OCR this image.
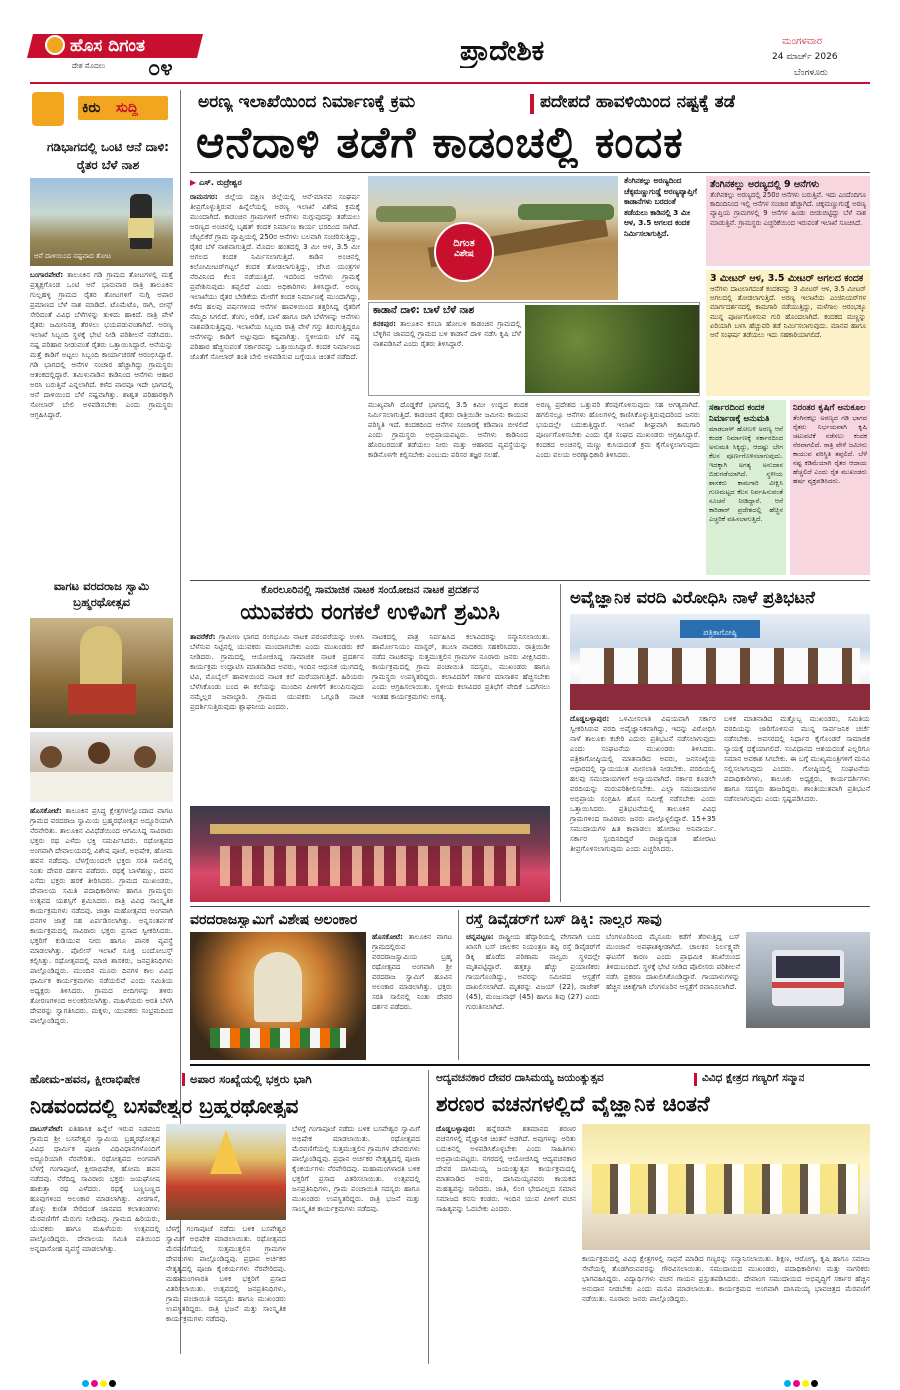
ಹೊಸ ದಿಗಂತ
ದೇಶ ಮೊದಲು ೦೪
ಪ್ರಾದೇಶಿಕ	ಮಂಗಳವಾರ
24 ಮಾರ್ಚ್ 2026
ಬೆಂಗಳೂರು
ಕಿರು ಸುದ್ದಿ
ಗಡಿಭಾಗದಲ್ಲಿ ಒಂಟಿ ಆನೆ ದಾಳಿ: ರೈತರ ಬೆಳೆ ನಾಶ
ಆನೆ ದಾಳಿಯಿಂದ ನಷ್ಟವಾದ ತೋಟ
ಬಂಗಾರಪೇಟೆ: ತಾಲೂಕಿನ ಗಡಿ ಗ್ರಾಮದ ತೋಟಗಳಲ್ಲಿ ಮತ್ತೆ ಪ್ರತ್ಯಕ್ಷಗೊಂಡ ಒಂಟಿ ಆನೆ ಭಾನುವಾರ ರಾತ್ರಿ ತಾಲೂಕಿನ ಗುಲ್ಲಹಳ್ಳಿ ಗ್ರಾಮದ ರೈತರ ತೋಟಗಳಿಗೆ ನುಗ್ಗಿ ಅಪಾರ ಪ್ರಮಾಣದ ಬೆಳೆ ನಾಶ ಮಾಡಿದೆ. ಟೊಮೆಟೊ, ರಾಗಿ, ಬೀನ್ಸ್ ಸೇರಿದಂತೆ ವಿವಿಧ ಬೆಳೆಗಳನ್ನು ತುಳಿದು ಹಾಕಿದೆ. ರಾತ್ರಿ ವೇಳೆ ರೈತರು ಜಮೀನಿನತ್ತ ತೆರಳಲು ಭಯಪಡುವಂತಾಗಿದೆ. ಅರಣ್ಯ ಇಲಾಖೆ ಸಿಬ್ಬಂದಿ ಸ್ಥಳಕ್ಕೆ ಭೇಟಿ ನೀಡಿ ಪರಿಶೀಲನೆ ನಡೆಸಿದರು. ನಷ್ಟ ಪರಿಹಾರ ನೀಡುವಂತೆ ರೈತರು ಒತ್ತಾಯಿಸಿದ್ದಾರೆ. ಆನೆಯನ್ನು ಮತ್ತೆ ಕಾಡಿಗೆ ಅಟ್ಟಲು ಸಿಬ್ಬಂದಿ ಕಾರ್ಯಾಚರಣೆ ಆರಂಭಿಸಿದ್ದಾರೆ. ಗಡಿ ಭಾಗದಲ್ಲಿ ಆನೆಗಳ ಸಂಚಾರ ಹೆಚ್ಚಾಗಿದ್ದು ಗ್ರಾಮಸ್ಥರು ಆತಂಕದಲ್ಲಿದ್ದಾರೆ. ತಮಿಳುನಾಡಿನ ಕಾಡಿನಿಂದ ಆನೆಗಳು ಆಹಾರ ಅರಸಿ ಬರುತ್ತಿವೆ ಎನ್ನಲಾಗಿದೆ. ಕಳೆದ ವಾರವೂ ಇದೇ ಭಾಗದಲ್ಲಿ ಆನೆ ದಾಳಿಯಿಂದ ಬೆಳೆ ನಷ್ಟವಾಗಿತ್ತು. ಶಾಶ್ವತ ಪರಿಹಾರಕ್ಕಾಗಿ ಸೋಲಾರ್ ಬೇಲಿ ಅಳವಡಿಸಬೇಕು ಎಂದು ಗ್ರಾಮಸ್ಥರು ಆಗ್ರಹಿಸಿದ್ದಾರೆ.
ವಾಗಟ ವರದರಾಜ ಸ್ವಾಮಿ ಬ್ರಹ್ಮರಥೋತ್ಸವ
ಹೊಸಕೋಟೆ: ತಾಲೂಕಿನ ಪ್ರಸಿದ್ಧ ಕ್ಷೇತ್ರಗಳಲ್ಲೊಂದಾದ ವಾಗಟ ಗ್ರಾಮದ ವರದರಾಜ ಸ್ವಾಮಿಯ ಬ್ರಹ್ಮರಥೋತ್ಸವ ಅದ್ದೂರಿಯಾಗಿ ನೆರವೇರಿತು. ತಾಲೂಕಿನ ವಿವಿಧೆಡೆಯಿಂದ ಆಗಮಿಸಿದ್ದ ಸಾವಿರಾರು ಭಕ್ತರು ರಥ ಎಳೆದು ಭಕ್ತಿ ಸಮರ್ಪಿಸಿದರು. ರಥೋತ್ಸವದ ಅಂಗವಾಗಿ ದೇವಾಲಯದಲ್ಲಿ ವಿಶೇಷ ಪೂಜೆ, ಅಭಿಷೇಕ, ಹೋಮ ಹವನ ನಡೆದವು. ಬೆಳಗ್ಗೆಯಿಂದಲೇ ಭಕ್ತರು ಸರತಿ ಸಾಲಿನಲ್ಲಿ ನಿಂತು ದೇವರ ದರ್ಶನ ಪಡೆದರು. ರಥಕ್ಕೆ ಬಾಳೆಹಣ್ಣು, ದವನ ಎಸೆದು ಭಕ್ತರು ಹರಕೆ ತೀರಿಸಿದರು. ಗ್ರಾಮದ ಮುಖಂಡರು, ದೇವಾಲಯ ಸಮಿತಿ ಪದಾಧಿಕಾರಿಗಳು ಹಾಗೂ ಗ್ರಾಮಸ್ಥರು ಉತ್ಸವದ ಯಶಸ್ಸಿಗೆ ಶ್ರಮಿಸಿದರು. ರಾತ್ರಿ ವಿವಿಧ ಸಾಂಸ್ಕೃತಿಕ ಕಾರ್ಯಕ್ರಮಗಳು ನಡೆದವು. ಜಾತ್ರಾ ಮಹೋತ್ಸವದ ಅಂಗವಾಗಿ ದನಗಳ ಜಾತ್ರೆ ಸಹ ಏರ್ಪಡಿಸಲಾಗಿತ್ತು. ಅನ್ನಸಂತರ್ಪಣೆ ಕಾರ್ಯಕ್ರಮದಲ್ಲಿ ಸಾವಿರಾರು ಭಕ್ತರು ಪ್ರಸಾದ ಸ್ವೀಕರಿಸಿದರು. ಭಕ್ತರಿಗೆ ಕುಡಿಯುವ ನೀರು ಹಾಗೂ ಪಾನಕ ವ್ಯವಸ್ಥೆ ಮಾಡಲಾಗಿತ್ತು. ಪೊಲೀಸ್ ಇಲಾಖೆ ಸೂಕ್ತ ಬಂದೋಬಸ್ತ್ ಕಲ್ಪಿಸಿತ್ತು. ರಥೋತ್ಸವದಲ್ಲಿ ಮಾಜಿ ಶಾಸಕರು, ಜನಪ್ರತಿನಿಧಿಗಳು ಪಾಲ್ಗೊಂಡಿದ್ದರು. ಮುಂದಿನ ಮೂರು ದಿನಗಳ ಕಾಲ ವಿವಿಧ ಧಾರ್ಮಿಕ ಕಾರ್ಯಕ್ರಮಗಳು ನಡೆಯಲಿವೆ ಎಂದು ಸಮಿತಿಯ ಅಧ್ಯಕ್ಷರು ತಿಳಿಸಿದರು. ಗ್ರಾಮದ ಬೀದಿಗಳನ್ನು ತಳಿರು ತೋರಣಗಳಿಂದ ಅಲಂಕರಿಸಲಾಗಿತ್ತು. ಮಹಿಳೆಯರು ಆರತಿ ಬೆಳಗಿ ದೇವರನ್ನು ಸ್ವಾಗತಿಸಿದರು. ಮಕ್ಕಳು, ಯುವಕರು ಸಂಭ್ರಮದಿಂದ ಪಾಲ್ಗೊಂಡಿದ್ದರು.
ಅರಣ್ಯ ಇಲಾಖೆಯಿಂದ ನಿರ್ಮಾಣಕ್ಕೆ ಕ್ರಮ	ಪದೇಪದೆ ಹಾವಳಿಯಿಂದ ನಷ್ಟಕ್ಕೆ ತಡೆ
ಆನೆದಾಳಿ ತಡೆಗೆ ಕಾಡಂಚಲ್ಲಿ ಕಂದಕ
▶ ಎಸ್. ರುದ್ರೇಶ್ವರ
ರಾಮನಗರ: ಜಿಲ್ಲೆಯ ದಕ್ಷಿಣ ಜಿಲ್ಲೆಯಲ್ಲಿ ಆನೆ-ಮಾನವ ಸಂಘರ್ಷ ತೀವ್ರಗೊಳ್ಳುತ್ತಿರುವ ಹಿನ್ನೆಲೆಯಲ್ಲಿ ಅರಣ್ಯ ಇಲಾಖೆ ವಿಶೇಷ ಕ್ರಮಕ್ಕೆ ಮುಂದಾಗಿದೆ. ಕಾಡಂಚಿನ ಗ್ರಾಮಗಳಿಗೆ ಆನೆಗಳು ನುಗ್ಗುವುದನ್ನು ತಡೆಯಲು ಅರಣ್ಯದ ಅಂಚಿನಲ್ಲಿ ಬೃಹತ್ ಕಂದಕ ನಿರ್ಮಾಣ ಕಾರ್ಯ ಭರದಿಂದ ಸಾಗಿದೆ. ಚೆಟ್ಟಲಿಕೆರೆ ಗ್ರಾಮ ವ್ಯಾಪ್ತಿಯಲ್ಲಿ 250ರ ಆನೆಗಳು ಬಲವಾಗಿ ಸಂಚರಿಸುತ್ತಿದ್ದು, ರೈತರ ಬೆಳೆ ನಾಶವಾಗುತ್ತಿದೆ. ಮೊದಲ ಹಂತದಲ್ಲಿ 3 ಮೀ ಆಳ, 3.5 ಮೀ ಅಗಲದ ಕಂದಕ ನಿರ್ಮಿಸಲಾಗುತ್ತಿದೆ. ಕಾಡಿನ ಅಂಚಿನಲ್ಲಿ ಕಿಲೋಮೀಟರ್‌ಗಟ್ಟಲೆ ಕಂದಕ ತೋಡಲಾಗುತ್ತಿದ್ದು, ಜೆಸಿಬಿ ಯಂತ್ರಗಳ ನೆರವಿನಿಂದ ಕೆಲಸ ನಡೆಯುತ್ತಿದೆ. ಇದರಿಂದ ಆನೆಗಳು ಗ್ರಾಮಕ್ಕೆ ಪ್ರವೇಶಿಸುವುದು ತಪ್ಪಲಿದೆ ಎಂದು ಅಧಿಕಾರಿಗಳು ತಿಳಿಸಿದ್ದಾರೆ. ಅರಣ್ಯ ಇಲಾಖೆಯು ರೈತರ ಬೇಡಿಕೆಯ ಮೇರೆಗೆ ಕಂದಕ ನಿರ್ಮಾಣಕ್ಕೆ ಮುಂದಾಗಿದ್ದು, ಕಳೆದ ಹಲವು ವರ್ಷಗಳಿಂದ ಆನೆಗಳ ಹಾವಳಿಯಿಂದ ತತ್ತರಿಸಿದ್ದ ರೈತರಿಗೆ ನೆಮ್ಮದಿ ಸಿಗಲಿದೆ. ತೆಂಗು, ಅಡಿಕೆ, ಬಾಳೆ ಹಾಗೂ ರಾಗಿ ಬೆಳೆಗಳನ್ನು ಆನೆಗಳು ನಾಶಪಡಿಸುತ್ತಿದ್ದವು. ಇಲಾಖೆಯ ಸಿಬ್ಬಂದಿ ರಾತ್ರಿ ವೇಳೆ ಗಸ್ತು ತಿರುಗುತ್ತಿದ್ದರೂ ಆನೆಗಳನ್ನು ಕಾಡಿಗೆ ಅಟ್ಟುವುದು ಕಷ್ಟವಾಗಿತ್ತು. ಸ್ಥಳೀಯರು ಬೆಳೆ ನಷ್ಟ ಪರಿಹಾರ ಹೆಚ್ಚಿಸುವಂತೆ ಸರ್ಕಾರವನ್ನು ಒತ್ತಾಯಿಸಿದ್ದಾರೆ. ಕಂದಕ ನಿರ್ಮಾಣದ ಜೊತೆಗೆ ಸೋಲಾರ್ ತಂತಿ ಬೇಲಿ ಅಳವಡಿಸುವ ಬಗ್ಗೆಯೂ ಚಿಂತನೆ ನಡೆದಿದೆ.
ದಿಗಂತ
ವಿಶೇಷ
ತೆಂಗಿನಕಲ್ಲು ಅರಣ್ಯದಿಂದ ಚೆಕ್ಕಮಣ್ಣುಗುಡ್ಡೆ ಅರಣ್ಯವ್ಯಾಪ್ತಿಗೆ ಕಾಡಾನೆಗಳು ಬರದಂತೆ ತಡೆಯಲು ಕಾಡಿನಲ್ಲಿ 3 ಮೀ ಆಳ, 3.5 ಅಗಲದ ಕಂದಕ ನಿರ್ಮಿಸಲಾಗುತ್ತಿದೆ.
ಕಾಡಾನೆ ದಾಳಿ: ಬಾಳೆ ಬೆಳೆ ನಾಶ
ಕನಕಪುರ: ತಾಲೂಕಿನ ಕಸಬಾ ಹೋಬಳಿ ಕಾಡಂಚಿನ ಗ್ರಾಮದಲ್ಲಿ ಬೆಳ್ಳಿಗಿನ ಜಾವದಲ್ಲಿ ಗ್ರಾಮದ ಬಳಿ ಕಾಡಾನೆ ದಾಳಿ ನಡೆಸಿ ಕೃಷಿ ಬೆಳೆ ನಾಶಪಡಿಸಿವೆ ಎಂದು ರೈತರು ತಿಳಿಸಿದ್ದಾರೆ.
ಮುಖ್ಯವಾಗಿ ದೊಡ್ಡಕೆರೆ ಭಾಗದಲ್ಲಿ 3.5 ಕಿಮೀ ಉದ್ದದ ಕಂದಕ ನಿರ್ಮಿಸಲಾಗುತ್ತಿದೆ. ಕಾಡಂಚಿನ ರೈತರು ರಾತ್ರಿಯಿಡೀ ಜಮೀನು ಕಾಯುವ ಪರಿಸ್ಥಿತಿ ಇದೆ. ಕಂದಕದಿಂದ ಆನೆಗಳ ಸಂಚಾರಕ್ಕೆ ಕಡಿವಾಣ ಬೀಳಲಿದೆ ಎಂದು ಗ್ರಾಮಸ್ಥರು ಅಭಿಪ್ರಾಯಪಟ್ಟರು. ಆನೆಗಳು ಕಾಡಿನಿಂದ ಹೊರಬರದಂತೆ ತಡೆಯಲು ನೀರು ಮತ್ತು ಆಹಾರದ ವ್ಯವಸ್ಥೆಯನ್ನು ಕಾಡಿನೊಳಗೇ ಕಲ್ಪಿಸಬೇಕು ಎಂಬುದು ಪರಿಸರ ತಜ್ಞರ ಸಲಹೆ.
ಅರಣ್ಯ ಪ್ರದೇಶದ ಒತ್ತುವರಿ ತೆರವುಗೊಳಿಸುವುದು ಸಹ ಅಗತ್ಯವಾಗಿದೆ. ಹಗಲಿನಲ್ಲೂ ಆನೆಗಳು ಹೊಲಗಳಲ್ಲಿ ಕಾಣಿಸಿಕೊಳ್ಳುತ್ತಿರುವುದರಿಂದ ಜನರು ಭಯದಲ್ಲೇ ಬದುಕುತ್ತಿದ್ದಾರೆ. ಇಲಾಖೆ ಶೀಘ್ರವಾಗಿ ಕಾಮಗಾರಿ ಪೂರ್ಣಗೊಳಿಸಬೇಕು ಎಂದು ರೈತ ಸಂಘದ ಮುಖಂಡರು ಆಗ್ರಹಿಸಿದ್ದಾರೆ. ಕಂದಕದ ಅಂಚಿನಲ್ಲಿ ಮಣ್ಣು ಕುಸಿಯದಂತೆ ಕ್ರಮ ಕೈಗೊಳ್ಳಲಾಗುವುದು ಎಂದು ವಲಯ ಅರಣ್ಯಾಧಿಕಾರಿ ತಿಳಿಸಿದರು.
ತೆಂಗಿನಕಲ್ಲು ಅರಣ್ಯದಲ್ಲಿ 9 ಆನೆಗಳು
ತೆಂಗಿನಕಲ್ಲು ಅರಣ್ಯದಲ್ಲಿ 250ರ ಆನೆಗಳು ಬರುತ್ತಿವೆ. ಇದು ಎಂದೆಂದಿಗೂ ಕಾದಿಂದಿನಿಂದ ಇಲ್ಲಿ ಆನೆಗಳ ಸಂಚಾರ ಹೆಚ್ಚಾಗಿದೆ. ಚಿಕ್ಕಮಣ್ಣುಗುಡ್ಡೆ ಅರಣ್ಯ ವ್ಯಾಪ್ತಿಯ ಗ್ರಾಮಗಳಲ್ಲಿ 9 ಆನೆಗಳ ಹಿಂಡು ಬೀಡುಬಿಟ್ಟಿದ್ದು ಬೆಳೆ ನಾಶ ಮಾಡುತ್ತಿವೆ. ಗ್ರಾಮಸ್ಥರು ಎಚ್ಚರಿಕೆಯಿಂದ ಇರುವಂತೆ ಇಲಾಖೆ ಸೂಚಿಸಿದೆ.
3 ಮೀಟರ್ ಆಳ, 3.5 ಮೀಟರ್ ಅಗಲದ ಕಂದಕ
ಆನೆಗಳು ದಾಟಲಾಗದಂತೆ ಕಂದಕವನ್ನು 3 ಮೀಟರ್ ಆಳ, 3.5 ಮೀಟರ್ ಅಗಲದಲ್ಲಿ ತೋಡಲಾಗುತ್ತಿದೆ. ಅರಣ್ಯ ಇಲಾಖೆಯ ಎಂಜಿನಿಯರ್‌ಗಳ ಮಾರ್ಗದರ್ಶನದಲ್ಲಿ ಕಾಮಗಾರಿ ನಡೆಯುತ್ತಿದ್ದು, ಮಳೆಗಾಲ ಆರಂಭಕ್ಕೂ ಮುನ್ನ ಪೂರ್ಣಗೊಳಿಸುವ ಗುರಿ ಹೊಂದಲಾಗಿದೆ. ಕಂದಕದ ಮಣ್ಣನ್ನು ಏರಿಯಾಗಿ ಬಳಸಿ ಹೆಚ್ಚುವರಿ ತಡೆ ನಿರ್ಮಿಸಲಾಗುವುದು. ಮಾನವ ಹಾಗೂ ಆನೆ ಸಂಘರ್ಷ ತಡೆಯಲು ಇದು ಸಹಕಾರಿಯಾಗಲಿದೆ.
ಸರ್ಕಾರದಿಂದ ಕಂದಕ ನಿರ್ಮಾಣಕ್ಕೆ ಅನುಮತಿ
ಮಾಡಬಾಳ್ ಹೋಬಳಿ ಅರಣ್ಯ ಆನೆ ಕಂದಕ ನಿರ್ಮಾಣಕ್ಕೆ ಸರ್ಕಾರದಿಂದ ಅನುಮತಿ ಸಿಕ್ಕಿದ್ದು, ಆದಷ್ಟು ಬೇಗ ಕೆಲಸ ಪೂರ್ಣಗೊಳಿಸಲಾಗುವುದು. ಇದಕ್ಕಾಗಿ ಅಗತ್ಯ ಅನುದಾನ ಬಿಡುಗಡೆಯಾಗಿದೆ. ಸ್ಥಳೀಯ ಶಾಸಕರು ಕಾಮಗಾರಿ ವೀಕ್ಷಿಸಿ ಗುಣಮಟ್ಟದ ಕೆಲಸ ನಿರ್ವಹಿಸುವಂತೆ ಸೂಚನೆ ನೀಡಿದ್ದಾರೆ. ಆನೆ ಕಾರಿಡಾರ್ ಪ್ರದೇಶದಲ್ಲಿ ಹೆಚ್ಚಿನ ಎಚ್ಚರಿಕೆ ವಹಿಸಲಾಗುತ್ತಿದೆ.
ನಿರಂತರ ಕೃಷಿಗೆ ಅನುಕೂಲ
ತೆಂಗಿನಕಲ್ಲು ಅರಣ್ಯದ ಗಡಿ ಭಾಗದ ರೈತರು ನಿರ್ಭಯವಾಗಿ ಕೃಷಿ ಚಟುವಟಿಕೆ ನಡೆಸಲು ಕಂದಕ ನೆರವಾಗಲಿದೆ. ರಾತ್ರಿ ವೇಳೆ ಜಮೀನು ಕಾಯುವ ಪರಿಸ್ಥಿತಿ ತಪ್ಪಲಿದೆ. ಬೆಳೆ ನಷ್ಟ ಕಡಿಮೆಯಾಗಿ ರೈತರ ಆದಾಯ ಹೆಚ್ಚಲಿದೆ ಎಂದು ರೈತ ಮುಖಂಡರು ಹರ್ಷ ವ್ಯಕ್ತಪಡಿಸಿದರು.
ಕೊರಲೂರಿನಲ್ಲಿ ಸಾಮಾಜಿಕ ನಾಟಕ ಸಂಯೋಜನ ನಾಟಕ ಪ್ರದರ್ಶನ
ಯುವಕರು ರಂಗಕಲೆ ಉಳಿವಿಗೆ ಶ್ರಮಿಸಿ
ತಾವರೆಕೆರೆ: ಗ್ರಾಮೀಣ ಭಾಗದ ರಂಗಭೂಮಿ ನಾಟಕ ಪರಂಪರೆಯನ್ನು ಉಳಿಸಿ ಬೆಳೆಸುವ ನಿಟ್ಟಿನಲ್ಲಿ ಯುವಕರು ಮುಂದಾಗಬೇಕು ಎಂದು ಮುಖಂಡರು ಕರೆ ನೀಡಿದರು. ಗ್ರಾಮದಲ್ಲಿ ಆಯೋಜಿಸಿದ್ದ ಸಾಮಾಜಿಕ ನಾಟಕ ಪ್ರದರ್ಶನ ಕಾರ್ಯಕ್ರಮ ಉದ್ಘಾಟಿಸಿ ಮಾತನಾಡಿದ ಅವರು, ಇಂದಿನ ಆಧುನಿಕ ಯುಗದಲ್ಲಿ ಟಿವಿ, ಮೊಬೈಲ್ ಹಾವಳಿಯಿಂದ ನಾಟಕ ಕಲೆ ಮರೆಯಾಗುತ್ತಿದೆ. ಹಿರಿಯರು ಬೆಳೆಸಿಕೊಂಡು ಬಂದ ಈ ಕಲೆಯನ್ನು ಮುಂದಿನ ಪೀಳಿಗೆಗೆ ತಲುಪಿಸುವುದು ನಮ್ಮೆಲ್ಲರ ಜವಾಬ್ದಾರಿ. ಗ್ರಾಮದ ಯುವಕರು ಒಗ್ಗೂಡಿ ನಾಟಕ ಪ್ರದರ್ಶಿಸುತ್ತಿರುವುದು ಶ್ಲಾಘನೀಯ ಎಂದರು.
ನಾಟಕದಲ್ಲಿ ಪಾತ್ರ ನಿರ್ವಹಿಸಿದ ಕಲಾವಿದರನ್ನು ಸನ್ಮಾನಿಸಲಾಯಿತು. ಹಾರ್ಮೋನಿಯಂ ಮಾಸ್ಟರ್, ತಬಲಾ ವಾದಕರು ಸಹಕರಿಸಿದರು. ರಾತ್ರಿಯಿಡೀ ನಡೆದ ನಾಟಕವನ್ನು ಸುತ್ತಮುತ್ತಲಿನ ಗ್ರಾಮಗಳ ನೂರಾರು ಜನರು ವೀಕ್ಷಿಸಿದರು. ಕಾರ್ಯಕ್ರಮದಲ್ಲಿ ಗ್ರಾಮ ಪಂಚಾಯಿತಿ ಸದಸ್ಯರು, ಮುಖಂಡರು ಹಾಗೂ ಗ್ರಾಮಸ್ಥರು ಉಪಸ್ಥಿತರಿದ್ದರು. ಕಲಾವಿದರಿಗೆ ಸರ್ಕಾರ ಮಾಸಾಶನ ಹೆಚ್ಚಿಸಬೇಕು ಎಂದು ಆಗ್ರಹಿಸಲಾಯಿತು. ಸ್ಥಳೀಯ ಕಲಾವಿದರ ಪ್ರತಿಭೆಗೆ ವೇದಿಕೆ ಒದಗಿಸಲು ಇಂತಹ ಕಾರ್ಯಕ್ರಮಗಳು ಅಗತ್ಯ.
ಅವೈಜ್ಞಾನಿಕ ವರದಿ ವಿರೋಧಿಸಿ ನಾಳೆ ಪ್ರತಿಭಟನೆ
ಪತ್ರಿಕಾಗೋಷ್ಠಿ
ದೊಡ್ಡಬಳ್ಳಾಪುರ: ಒಳಮೀಸಲಾತಿ ವಿಷಯವಾಗಿ ಸರ್ಕಾರ ಸ್ವೀಕರಿಸಿರುವ ವರದಿ ಅವೈಜ್ಞಾನಿಕವಾಗಿದ್ದು, ಇದನ್ನು ವಿರೋಧಿಸಿ ನಾಳೆ ತಾಲೂಕು ಕಚೇರಿ ಎದುರು ಪ್ರತಿಭಟನೆ ನಡೆಸಲಾಗುವುದು ಎಂದು ಸಂಘಟನೆಯ ಮುಖಂಡರು ತಿಳಿಸಿದರು. ಪತ್ರಿಕಾಗೋಷ್ಠಿಯಲ್ಲಿ ಮಾತನಾಡಿದ ಅವರು, ಜನಸಂಖ್ಯೆಯ ಆಧಾರದಲ್ಲಿ ನ್ಯಾಯಯುತ ಮೀಸಲಾತಿ ನೀಡಬೇಕು. ವರದಿಯಲ್ಲಿ ಹಲವು ಸಮುದಾಯಗಳಿಗೆ ಅನ್ಯಾಯವಾಗಿದೆ. ಸರ್ಕಾರ ಕೂಡಲೇ ವರದಿಯನ್ನು ಮರುಪರಿಶೀಲಿಸಬೇಕು. ಎಲ್ಲಾ ಸಮುದಾಯಗಳ ಅಭಿಪ್ರಾಯ ಸಂಗ್ರಹಿಸಿ ಹೊಸ ಸಮೀಕ್ಷೆ ನಡೆಸಬೇಕು ಎಂದು ಒತ್ತಾಯಿಸಿದರು. ಪ್ರತಿಭಟನೆಯಲ್ಲಿ ತಾಲೂಕಿನ ವಿವಿಧ ಗ್ರಾಮಗಳಿಂದ ಸಾವಿರಾರು ಜನರು ಪಾಲ್ಗೊಳ್ಳಲಿದ್ದಾರೆ. 15+35 ಸಮುದಾಯಗಳ ಹಿತ ಕಾಪಾಡಲು ಹೋರಾಟ ಅನಿವಾರ್ಯ. ಸರ್ಕಾರ ಸ್ಪಂದಿಸದಿದ್ದರೆ ರಾಜ್ಯಾದ್ಯಂತ ಹೋರಾಟ ತೀವ್ರಗೊಳಿಸಲಾಗುವುದು ಎಂದು ಎಚ್ಚರಿಸಿದರು.
ಬಳಿಕ ಮಾತನಾಡಿದ ಮತ್ತೊಬ್ಬ ಮುಖಂಡರು, ಸಮಿತಿಯ ವರದಿಯನ್ನು ಜಾರಿಗೊಳಿಸುವ ಮುನ್ನ ಸಾರ್ವಜನಿಕ ಚರ್ಚೆ ನಡೆಸಬೇಕು. ಅವಸರದಲ್ಲಿ ನಿರ್ಧಾರ ಕೈಗೊಂಡರೆ ಸಾಮಾಜಿಕ ನ್ಯಾಯಕ್ಕೆ ಧಕ್ಕೆಯಾಗಲಿದೆ. ಸಂವಿಧಾನದ ಆಶಯದಂತೆ ಎಲ್ಲರಿಗೂ ಸಮಾನ ಅವಕಾಶ ಸಿಗಬೇಕು. ಈ ಬಗ್ಗೆ ಮುಖ್ಯಮಂತ್ರಿಗಳಿಗೆ ಮನವಿ ಸಲ್ಲಿಸಲಾಗುವುದು ಎಂದರು. ಗೋಷ್ಠಿಯಲ್ಲಿ ಸಂಘಟನೆಯ ಪದಾಧಿಕಾರಿಗಳು, ತಾಲೂಕು ಅಧ್ಯಕ್ಷರು, ಕಾರ್ಯದರ್ಶಿಗಳು ಹಾಗೂ ಸದಸ್ಯರು ಹಾಜರಿದ್ದರು. ಶಾಂತಿಯುತವಾಗಿ ಪ್ರತಿಭಟನೆ ನಡೆಸಲಾಗುವುದು ಎಂದು ಸ್ಪಷ್ಟಪಡಿಸಿದರು.
ವರದರಾಜಸ್ವಾಮಿಗೆ ವಿಶೇಷ ಅಲಂಕಾರ
ಹೊಸಕೋಟೆ: ತಾಲೂಕಿನ ವಾಗಟ ಗ್ರಾಮದಲ್ಲಿರುವ ವರದರಾಜಸ್ವಾಮಿಯ ಬ್ರಹ್ಮ ರಥೋತ್ಸವದ ಅಂಗವಾಗಿ ಶ್ರೀ ವರದರಾಜ ಸ್ವಾಮಿಗೆ ಹೂವಿನ ಅಲಂಕಾರ ಮಾಡಲಾಗಿತ್ತು. ಭಕ್ತರು ಸರತಿ ಸಾಲಿನಲ್ಲಿ ನಿಂತು ದೇವರ ದರ್ಶನ ಪಡೆದರು.
ರಸ್ತೆ ಡಿವೈಡರ್‌ಗೆ ಬಸ್ ಡಿಕ್ಕಿ: ನಾಲ್ವರ ಸಾವು
ಚನ್ನಪಟ್ಟಣ: ರಾಷ್ಟ್ರೀಯ ಹೆದ್ದಾರಿಯಲ್ಲಿ ವೇಗವಾಗಿ ಬಂದ ಖಾಸಗಿ ಬಸ್ ಚಾಲಕನ ನಿಯಂತ್ರಣ ತಪ್ಪಿ ರಸ್ತೆ ಡಿವೈಡರ್‌ಗೆ ಡಿಕ್ಕಿ ಹೊಡೆದ ಪರಿಣಾಮ ನಾಲ್ವರು ಸ್ಥಳದಲ್ಲೇ ಮೃತಪಟ್ಟಿದ್ದಾರೆ. ಹತ್ತಕ್ಕೂ ಹೆಚ್ಚು ಪ್ರಯಾಣಿಕರು ಗಾಯಗೊಂಡಿದ್ದು, ಅವರನ್ನು ಸಮೀಪದ ಆಸ್ಪತ್ರೆಗೆ ದಾಖಲಿಸಲಾಗಿದೆ. ಮೃತರನ್ನು ವಿಜಯ್ (22), ರಾಜೇಶ್ (45), ಮಂಜುನಾಥ್ (45) ಹಾಗೂ ಶಿವು (27) ಎಂದು ಗುರುತಿಸಲಾಗಿದೆ.
ಬೆಂಗಳೂರಿನಿಂದ ಮೈಸೂರು ಕಡೆಗೆ ತೆರಳುತ್ತಿದ್ದ ಬಸ್ ಮುಂಜಾನೆ ಅಪಘಾತಕ್ಕೀಡಾಗಿದೆ. ಚಾಲಕನ ನಿರ್ಲಕ್ಷ್ಯವೇ ಘಟನೆಗೆ ಕಾರಣ ಎಂದು ಪ್ರಾಥಮಿಕ ತನಿಖೆಯಿಂದ ತಿಳಿದುಬಂದಿದೆ. ಸ್ಥಳಕ್ಕೆ ಭೇಟಿ ನೀಡಿದ ಪೊಲೀಸರು ಪರಿಶೀಲನೆ ನಡೆಸಿ ಪ್ರಕರಣ ದಾಖಲಿಸಿಕೊಂಡಿದ್ದಾರೆ. ಗಾಯಾಳುಗಳನ್ನು ಹೆಚ್ಚಿನ ಚಿಕಿತ್ಸೆಗಾಗಿ ಬೆಂಗಳೂರಿನ ಆಸ್ಪತ್ರೆಗೆ ರವಾನಿಸಲಾಗಿದೆ.
ಹೋಮ-ಹವನ, ಕ್ಷೀರಾಭಿಷೇಕ	ಅಪಾರ ಸಂಖ್ಯೆಯಲ್ಲಿ ಭಕ್ತರು ಭಾಗಿ
ನಿಡವಂದದಲ್ಲಿ ಬಸವೇಶ್ವರ ಬ್ರಹ್ಮರಥೋತ್ಸವ
ದಾಬಸ್‌ಪೇಟೆ: ಐತಿಹಾಸಿಕ ಹಿನ್ನೆಲೆ ಇರುವ ನಿಡವಂದ ಗ್ರಾಮದ ಶ್ರೀ ಬಸವೇಶ್ವರ ಸ್ವಾಮಿಯ ಬ್ರಹ್ಮರಥೋತ್ಸವ ವಿವಿಧ ಧಾರ್ಮಿಕ ಪೂಜಾ ವಿಧಿವಿಧಾನಗಳೊಂದಿಗೆ ಅದ್ದೂರಿಯಾಗಿ ನೆರವೇರಿತು. ರಥೋತ್ಸವದ ಅಂಗವಾಗಿ ಬೆಳಗ್ಗೆ ಗಂಗಾಪೂಜೆ, ಕ್ಷೀರಾಭಿಷೇಕ, ಹೋಮ ಹವನ ನಡೆದವು. ನೆರೆದಿದ್ದ ಸಾವಿರಾರು ಭಕ್ತರು ಜಯಘೋಷ ಹಾಕುತ್ತಾ ರಥ ಎಳೆದರು. ರಥಕ್ಕೆ ಬಣ್ಣಬಣ್ಣದ ಹೂವುಗಳಿಂದ ಅಲಂಕಾರ ಮಾಡಲಾಗಿತ್ತು. ವೀರಗಾಸೆ, ಡೊಳ್ಳು ಕುಣಿತ ಸೇರಿದಂತೆ ಜಾನಪದ ಕಲಾತಂಡಗಳು ಮೆರವಣಿಗೆಗೆ ಮೆರುಗು ನೀಡಿದವು. ಗ್ರಾಮದ ಹಿರಿಯರು, ಯುವಕರು ಹಾಗೂ ಮಹಿಳೆಯರು ಉತ್ಸವದಲ್ಲಿ ಪಾಲ್ಗೊಂಡಿದ್ದರು. ದೇವಾಲಯ ಸಮಿತಿ ವತಿಯಿಂದ ಅನ್ನದಾಸೋಹ ವ್ಯವಸ್ಥೆ ಮಾಡಲಾಗಿತ್ತು.
ಬೆಳಗ್ಗೆ ಗಂಗಾಪೂಜೆ ನಡೆದು ಬಳಿಕ ಬಸವೇಶ್ವರ ಸ್ವಾಮಿಗೆ ಅಭಿಷೇಕ ಮಾಡಲಾಯಿತು. ರಥೋತ್ಸವದ ಮೆರವಣಿಗೆಯಲ್ಲಿ ಸುತ್ತಮುತ್ತಲಿನ ಗ್ರಾಮಗಳ ದೇವರುಗಳು ಪಾಲ್ಗೊಂಡಿದ್ದವು. ಪ್ರಧಾನ ಅರ್ಚಕರ ನೇತೃತ್ವದಲ್ಲಿ ಪೂಜಾ ಕೈಂಕರ್ಯಗಳು ನೆರವೇರಿದವು. ಮಹಾಮಂಗಳಾರತಿ ಬಳಿಕ ಭಕ್ತರಿಗೆ ಪ್ರಸಾದ ವಿತರಿಸಲಾಯಿತು. ಉತ್ಸವದಲ್ಲಿ ಜನಪ್ರತಿನಿಧಿಗಳು, ಗ್ರಾಮ ಪಂಚಾಯಿತಿ ಸದಸ್ಯರು ಹಾಗೂ ಮುಖಂಡರು ಉಪಸ್ಥಿತರಿದ್ದರು. ರಾತ್ರಿ ಭಜನೆ ಮತ್ತು ಸಾಂಸ್ಕೃತಿಕ ಕಾರ್ಯಕ್ರಮಗಳು ನಡೆದವು.
ಬೆಳಗ್ಗೆ ಗಂಗಾಪೂಜೆ ನಡೆದು ಬಳಿಕ ಬಸವೇಶ್ವರ ಸ್ವಾಮಿಗೆ ಅಭಿಷೇಕ ಮಾಡಲಾಯಿತು. ರಥೋತ್ಸವದ ಮೆರವಣಿಗೆಯಲ್ಲಿ ಸುತ್ತಮುತ್ತಲಿನ ಗ್ರಾಮಗಳ ದೇವರುಗಳು ಪಾಲ್ಗೊಂಡಿದ್ದವು. ಪ್ರಧಾನ ಅರ್ಚಕರ ನೇತೃತ್ವದಲ್ಲಿ ಪೂಜಾ ಕೈಂಕರ್ಯಗಳು ನೆರವೇರಿದವು. ಮಹಾಮಂಗಳಾರತಿ ಬಳಿಕ ಭಕ್ತರಿಗೆ ಪ್ರಸಾದ ವಿತರಿಸಲಾಯಿತು. ಉತ್ಸವದಲ್ಲಿ ಜನಪ್ರತಿನಿಧಿಗಳು, ಗ್ರಾಮ ಪಂಚಾಯಿತಿ ಸದಸ್ಯರು ಹಾಗೂ ಮುಖಂಡರು ಉಪಸ್ಥಿತರಿದ್ದರು. ರಾತ್ರಿ ಭಜನೆ ಮತ್ತು ಸಾಂಸ್ಕೃತಿಕ ಕಾರ್ಯಕ್ರಮಗಳು ನಡೆದವು.
ಆದ್ಯವಚನಕಾರ ದೇವರ ದಾಸಿಮಯ್ಯ ಜಯಂತ್ಯುತ್ಸವ	ವಿವಿಧ ಕ್ಷೇತ್ರದ ಗಣ್ಯರಿಗೆ ಸನ್ಮಾನ
ಶರಣರ ವಚನಗಳಲ್ಲಿದೆ ವೈಜ್ಞಾನಿಕ ಚಿಂತನೆ
ದೊಡ್ಡಬಳ್ಳಾಪುರ: ಹನ್ನೆರಡನೇ ಶತಮಾನದ ಶರಣರ ವಚನಗಳಲ್ಲಿ ವೈಜ್ಞಾನಿಕ ಚಿಂತನೆ ಅಡಗಿದೆ. ಅವುಗಳನ್ನು ಅರಿತು ಬದುಕಿನಲ್ಲಿ ಅಳವಡಿಸಿಕೊಳ್ಳಬೇಕು ಎಂದು ಸಾಹಿತಿಗಳು ಅಭಿಪ್ರಾಯಪಟ್ಟರು. ನಗರದಲ್ಲಿ ಆಯೋಜಿಸಿದ್ದ ಆದ್ಯವಚನಕಾರ ದೇವರ ದಾಸಿಮಯ್ಯ ಜಯಂತ್ಯುತ್ಸವ ಕಾರ್ಯಕ್ರಮದಲ್ಲಿ ಮಾತನಾಡಿದ ಅವರು, ದಾಸಿಮಯ್ಯನವರು ಕಾಯಕದ ಮಹತ್ವವನ್ನು ಸಾರಿದರು. ಜಾತಿ, ಲಿಂಗ ಭೇದವಿಲ್ಲದ ಸಮಾನ ಸಮಾಜದ ಕನಸು ಕಂಡರು. ಇಂದಿನ ಯುವ ಪೀಳಿಗೆ ವಚನ ಸಾಹಿತ್ಯವನ್ನು ಓದಬೇಕು ಎಂದರು.
ಕಾರ್ಯಕ್ರಮದಲ್ಲಿ ವಿವಿಧ ಕ್ಷೇತ್ರಗಳಲ್ಲಿ ಸಾಧನೆ ಮಾಡಿದ ಗಣ್ಯರನ್ನು ಸನ್ಮಾನಿಸಲಾಯಿತು. ಶಿಕ್ಷಣ, ಆರೋಗ್ಯ, ಕೃಷಿ ಹಾಗೂ ಸಮಾಜ ಸೇವೆಯಲ್ಲಿ ತೊಡಗಿರುವವರನ್ನು ಗೌರವಿಸಲಾಯಿತು. ಸಮುದಾಯದ ಮುಖಂಡರು, ಪದಾಧಿಕಾರಿಗಳು ಮತ್ತು ನಾಗರಿಕರು ಭಾಗವಹಿಸಿದ್ದರು. ವಿದ್ಯಾರ್ಥಿಗಳು ವಚನ ಗಾಯನ ಪ್ರಸ್ತುತಪಡಿಸಿದರು. ದೇವಾಂಗ ಸಮುದಾಯದ ಅಭಿವೃದ್ಧಿಗೆ ಸರ್ಕಾರ ಹೆಚ್ಚಿನ ಅನುದಾನ ನೀಡಬೇಕು ಎಂದು ಮನವಿ ಮಾಡಲಾಯಿತು. ಕಾರ್ಯಕ್ರಮದ ಅಂಗವಾಗಿ ದಾಸಿಮಯ್ಯ ಭಾವಚಿತ್ರದ ಮೆರವಣಿಗೆ ನಡೆಯಿತು. ನೂರಾರು ಜನರು ಪಾಲ್ಗೊಂಡಿದ್ದರು.
